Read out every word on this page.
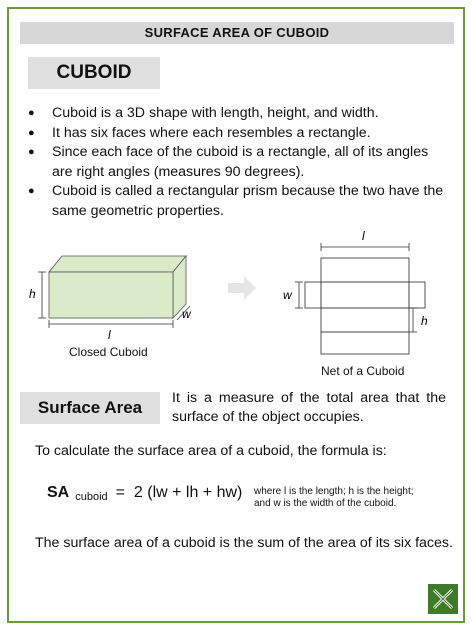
SURFACE AREA OF CUBOID
CUBOID
● Cuboid is a 3D shape with length, height, and width.
● It has six faces where each resembles a rectangle.
● Since each face of the cuboid is a rectangle, all of its angles are right angles (measures 90 degrees).
● Cuboid is called a rectangular prism because the two have the same geometric properties.
h
l
w
l
w
h
Closed Cuboid
Net of a Cuboid
Surface Area	It is a measure of the total area that the
surface of the object occupies.
To calculate the surface area of a cuboid, the formula is:
SA $_{cuboid}$ = 2 (lw + lh + hw) where l is the length; h is the height;
and w is the width of the cuboid.
The surface area of a cuboid is the sum of the area of its six faces.
